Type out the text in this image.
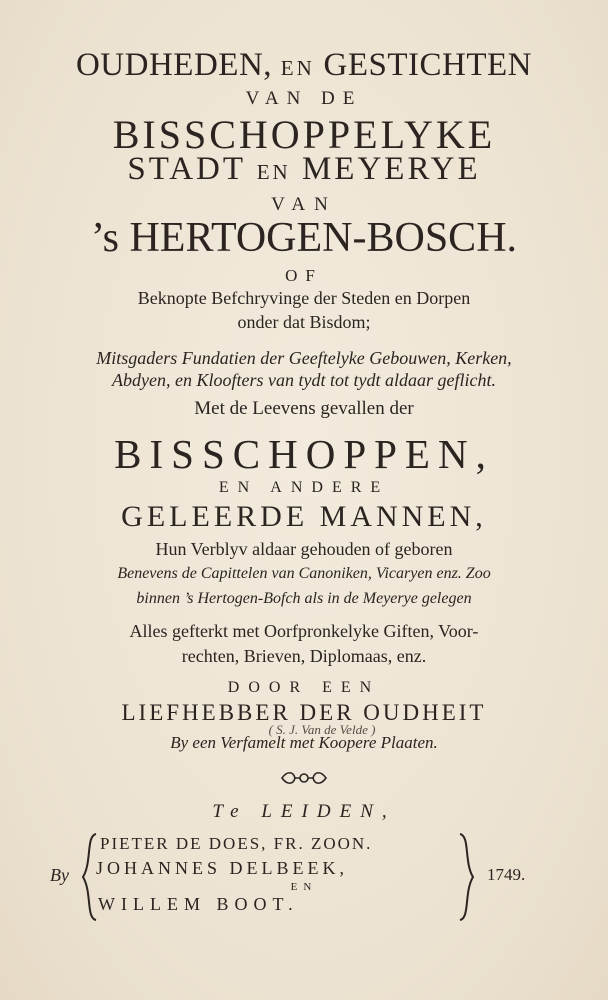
OUDHEDEN, EN GESTICHTEN
VAN DE
BISSCHOPPELYKE
STADT EN MEYERYE
VAN
’s HERTOGEN-BOSCH.
OF
Beknopte Befchryvinge der Steden en Dorpen
onder dat Bisdom;
Mitsgaders Fundatien der Geeftelyke Gebouwen, Kerken,
Abdyen, en Kloofters van tydt tot tydt aldaar geflicht.
Met de Leevens gevallen der
BISSCHOPPEN,
EN ANDERE
GELEERDE MANNEN,
Hun Verblyv aldaar gehouden of geboren
Benevens de Capittelen van Canoniken, Vicaryen enz. Zoo
binnen ’s Hertogen-Bofch als in de Meyerye gelegen
Alles gefterkt met Oorfpronkelyke Giften, Voor-
rechten, Brieven, Diplomaas, enz.
DOOR EEN
LIEFHEBBER DER OUDHEIT
( S. J. Van de Velde )
By een Verfamelt met Koopere Plaaten.
Te LEIDEN,
By
PIETER DE DOES, FR. ZOON.
JOHANNES DELBEEK,
EN
WILLEM BOOT.
1749.
